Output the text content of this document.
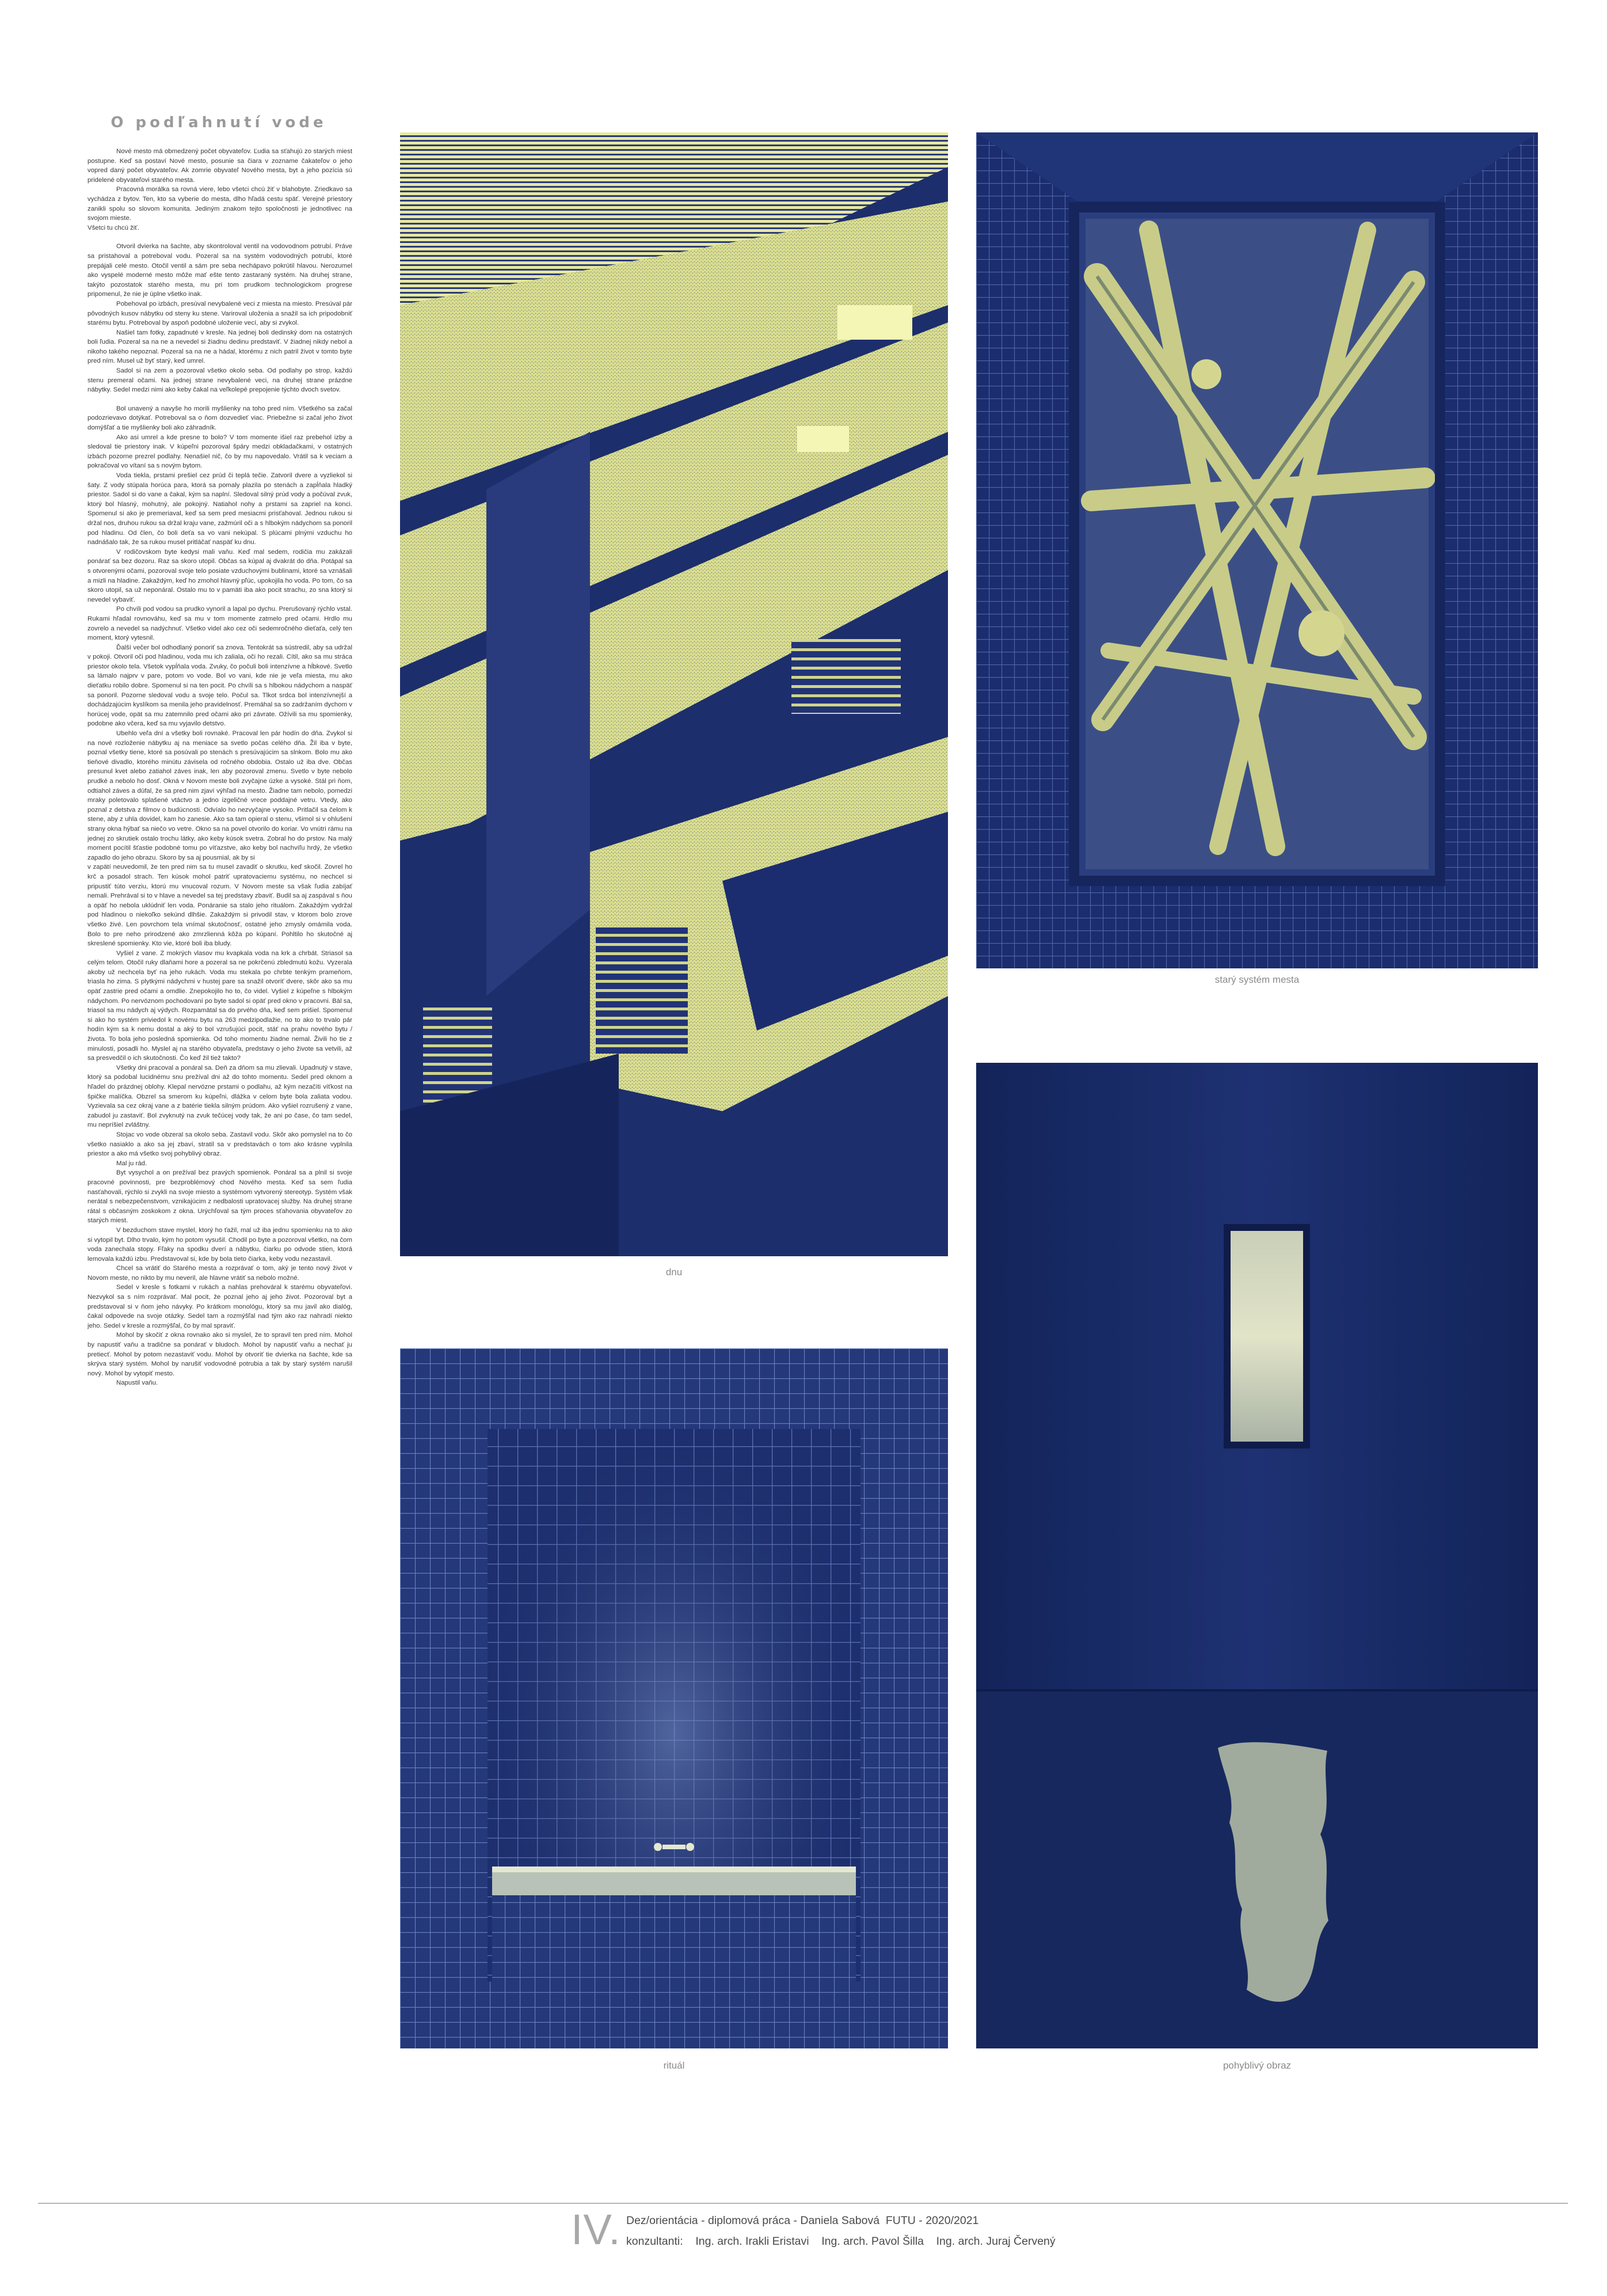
O podľahnutí vode

Nové mesto má obmedzený počet obyvateľov. Ľudia sa sťahujú zo starých miest postupne. Keď sa postaví Nové mesto, posunie sa čiara v zozname čakateľov o jeho vopred daný počet obyvateľov. Ak zomrie obyvateľ Nového mesta, byt a jeho pozícia sú pridelené obyvateľovi starého mesta.

Pracovná morálka sa rovná viere, lebo všetci chcú žiť v blahobyte. Zriedkavo sa vychádza z bytov. Ten, kto sa vyberie do mesta, dlho hľadá cestu späť. Verejné priestory zanikli spolu so slovom komunita. Jediným znakom tejto spoločnosti je jednotlivec na svojom mieste.

Všetci tu chcú žiť.

Otvoril dvierka na šachte, aby skontroloval ventil na vodovodnom potrubí. Práve sa pristahoval a potreboval vodu. Pozeral sa na systém vodovodných potrubí, ktoré prepájali celé mesto. Otočil ventil a sám pre seba nechápavo pokrútil hlavou. Nerozumel ako vyspelé moderné mesto môže mať ešte tento zastaraný systém. Na druhej strane, takýto pozostatok starého mesta, mu pri tom prudkom technologickom progrese pripomenul, že nie je úplne všetko inak.

Pobehoval po izbách, presúval nevybalené veci z miesta na miesto. Presúval pár pôvodných kusov nábytku od steny ku stene. Variroval uloženia a snažil sa ich pripodobniť starému bytu. Potreboval by aspoň podobné uloženie vecí, aby si zvykol.

Našiel tam fotky, zapadnuté v kresle. Na jednej boli dedinský dom na ostatných boli ľudia. Pozeral sa na ne a nevedel si žiadnu dedinu predstaviť. V žiadnej nikdy nebol a nikoho takého nepoznal. Pozeral sa na ne a hádal, ktorému z nich patril život v tomto byte pred ním. Musel už byť starý, keď umrel.

Sadol si na zem a pozoroval všetko okolo seba. Od podlahy po strop, každú stenu premeral očami. Na jednej strane nevybalené veci, na druhej strane prázdne nábytky. Sedel medzi nimi ako keby čakal na veľkolepé prepojenie týchto dvoch svetov.

Bol unavený a navyše ho morili myšlienky na toho pred ním. Všetkého sa začal podozrievavo dotýkať. Potreboval sa o ňom dozvedieť viac. Priebežne si začal jeho život domýšľať a tie myšlienky boli ako záhradník.

Ako asi umrel a kde presne to bolo? V tom momente išiel raz prebehol izby a sledoval tie priestory inak. V kúpeľni pozoroval špáry medzi obkladačkami, v ostatných izbách pozorne prezrel podlahy. Nenašiel nič, čo by mu napovedalo. Vrátil sa k veciam a pokračoval vo vítaní sa s novým bytom.

Voda tiekla, prstami prešiel cez prúd či teplá tečie. Zatvoril dvere a vyzliekol si šaty. Z vody stúpala horúca para, ktorá sa pomaly plazila po stenách a zapĺňala hladký priestor. Sadol si do vane a čakal, kým sa naplní. Sledoval silný prúd vody a počúval zvuk, ktorý bol hlasný, mohutný, ale pokojný. Natiahol nohy a prstami sa zapriel na konci. Spomenul si ako je premeriaval, keď sa sem pred mesiacmi prisťahoval. Jednou rukou si držal nos, druhou rukou sa držal kraju vane, zažmúril oči a s hlbokým nádychom sa ponoril pod hladinu. Od člen, čo boli deťa sa vo vani nekúpal. S plúcami plnými vzduchu ho nadnášalo tak, že sa rukou musel pritláčať naspäť ku dnu.

V rodičovskom byte kedysi mali vaňu. Keď mal sedem, rodičia mu zakázali ponárať sa bez dozoru. Raz sa skoro utopil. Občas sa kúpal aj dvakrát do dňa. Potápal sa s otvorenými očami, pozoroval svoje telo posiate vzduchovými bublinami, ktoré sa vznášali a mizli na hladine. Zakaždým, keď ho zmohol hlavný pľúc, upokojila ho voda. Po tom, čo sa skoro utopil, sa už neponáral. Ostalo mu to v pamäti iba ako pocit strachu, zo sna ktorý si nevedel vybaviť.

Po chvíli pod vodou sa prudko vynoril a lapal po dychu. Prerušovaný rýchlo vstal. Rukami hľadal rovnováhu, keď sa mu v tom momente zatmelo pred očami. Hrdlo mu zovrelo a nevedel sa nadýchnuť. Všetko videl ako cez oči sedemročného dieťaťa, celý ten moment, ktorý vytesnil.

Ďalší večer bol odhodlaný ponoriť sa znova. Tentokrát sa sústredil, aby sa udržal v pokoji. Otvoril oči pod hladinou, voda mu ich zaliala, oči ho rezali. Cítil, ako sa mu stráca priestor okolo tela. Všetok vypĺňala voda. Zvuky, čo počuli boli intenzívne a hĺbkové. Svetlo sa lámalo najprv v pare, potom vo vode. Bol vo vani, kde nie je veľa miesta, mu ako dieťatku robilo dobre. Spomenul si na ten pocit. Po chvíli sa s hlbokou nádychom a naspäť sa ponoril. Pozorne sledoval vodu a svoje telo. Počul sa. Tlkot srdca bol intenzívnejší a dochádzajúcim kyslíkom sa menila jeho pravidelnosť. Premáhal sa so zadržaním dychom v horúcej vode, opät sa mu zatemnilo pred očami ako pri závrate. Ožívili sa mu spomienky, podobne ako včera, keď sa mu vyjavilo detstvo.

Ubehlo veľa dní a všetky boli rovnaké. Pracoval len pár hodín do dňa. Zvykol si na nové rozloženie nábytku aj na meniace sa svetlo počas celého dňa. Žil iba v byte, poznal všetky tiene, ktoré sa posúvali po stenách s presúvajúcim sa slnkom. Bolo mu ako tieňové divadlo, ktorého minútu závisela od ročného obdobia. Ostalo už iba dve. Občas presunul kvet alebo zatiahol záves inak, len aby pozoroval zmenu. Svetlo v byte nebolo prudké a nebolo ho dosť. Okná v Novom meste boli zvyčajne úzke a vysoké. Stál pri ňom, odtiahol záves a dúfal, že sa pred nim zjaví výhľad na mesto. Žiadne tam nebolo, pomedzi mraky poletovalo splašené vtáctvo a jedno izgeličné vrece poddajné vetru. Vtedy, ako poznal z detstva z filmov o budúcnosti. Odvíalo ho nezvyčajne vysoko. Pritlačil sa čelom k stene, aby z uhla dovidel, kam ho zanesie. Ako sa tam opieral o stenu, všimol si v ohlušení strany okna hýbať sa niečo vo vetre. Okno sa na povel otvorilo do koriar. Vo vnútri rámu na jednej zo skrutiek ostalo trochu látky, ako keby kúsok svetra. Zobral ho do prstov. Na malý moment pocítil šťastie podobné tomu po víťazstve, ako keby bol nachvíľu hrdý, že všetko zapadlo do jeho obrazu. Skoro by sa aj pousmial, ak by si

v zapätí neuvedomil, že ten pred nim sa tu musel zavadiť o skrutku, keď skočil. Zovrel ho krč a posadol strach. Ten kúsok mohol patriť upratovaciemu systému, no nechcel si pripustiť túto verziu, ktorú mu vnucoval rozum. V Novom meste sa však ľudia zabíjať nemali. Prehrával si to v hlave a nevedel sa tej predstavy zbaviť. Budil sa aj zaspával s ňou a opäť ho nebola uklúdniť len voda. Ponáranie sa stalo jeho rituálom. Zakaždým vydržal pod hladinou o niekoľko sekúnd dlhšie. Zakaždým si privodil stav, v ktorom bolo zrove všetko živé. Len povrchom tela vnímal skutočnosť, ostatné jeho zmysly omámila voda. Bolo to pre neho prirodzené ako zmrzlienná kôža po kúpaní. Pohltilo ho skutočné aj skreslené spomienky. Kto vie, ktoré boli iba bludy.

Vyšiel z vane. Z mokrých vlasov mu kvapkala voda na krk a chrbát. Striasol sa celým telom. Otočil ruky dlaňami hore a pozeral sa ne pokrčenú zbledmutú kožu. Vyzerala akoby už nechcela byť na jeho rukách. Voda mu stekala po chrbte tenkým prameňom, triasla ho zima. S plytkými nádychmi v hustej pare sa snažil otvoriť dvere, skôr ako sa mu opäť zastrie pred očami a omdlie. Znepokojilo ho to, čo videl. Vyšiel z kúpeľne s hlbokým nádychom. Po nervóznom pochodovaní po byte sadol si opäť pred okno v pracovni. Bál sa, triasol sa mu nádych aj výdych. Rozpamätal sa do prvého dňa, keď sem prišiel. Spomenul si ako ho systém priviedol k novému bytu na 263 medzipodlažie, no to ako to trvalo pár hodín kým sa k nemu dostal a aký to bol vzrušujúci pocit, stáť na prahu nového bytu / života. To bola jeho posledná spomienka. Od toho momentu žiadne nemal. Živili ho tie z minulosti, posadli ho. Myslel aj na starého obyvateľa, predstavy o jeho živote sa vetvili, až sa presvedčil o ich skutočnosti. Čo keď žil tiež takto?

Všetky dni pracoval a ponáral sa. Deň za dňom sa mu zlievali. Upadnutý v stave, ktorý sa podobal lucidnému snu prežíval dni až do tohto momentu. Sedel pred oknom a hľadel do prázdnej oblohy. Klepal nervózne prstami o podlahu, až kým nezačíti víťkost na špičke malíčka. Obzrel sa smerom ku kúpeľni, dlážka v celom byte bola zaliata vodou. Vyzievala sa cez okraj vane a z batérie tiekla silným prúdom. Ako vyšiel rozrušený z vane, zabudol ju zastaviť. Bol zvyknutý na zvuk tečúcej vody tak, že ani po čase, čo tam sedel, mu nepríšiel zvláštny.

Stojac vo vode obzeral sa okolo seba. Zastavil vodu. Skôr ako pomyslel na to čo všetko nasiaklo a ako sa jej zbaví, stratil sa v predstavách o tom ako krásne vyplnila priestor a ako má všetko svoj pohyblivý obraz.

Mal ju rád.

Byt vysychol a on prežíval bez pravých spomienok. Ponáral sa a plnil si svoje pracovné povinnosti, pre bezproblémový chod Nového mesta. Keď sa sem ľudia nasťahovali, rýchlo si zvykli na svoje miesto a systémom vytvorený stereotyp. Systém však nerátal s nebezpečenstvom, vznikajúcim z nedbalosti upratovacej služby. Na druhej strane rátal s občasným zoskokom z okna. Urýchľoval sa tým proces sťahovania obyvateľov zo starých miest.

V bezduchom stave myslel, ktorý ho ťažil, mal už iba jednu spomienku na to ako si vytopil byt. Dlho trvalo, kým ho potom vysušil. Chodil po byte a pozoroval všetko, na čom voda zanechala stopy. Fľaky na spodku dverí a nábytku, čiarku po odvode stien, ktorá lemovala každú izbu. Predstavoval si, kde by bola tieto čiarka, keby vodu nezastavil.

Chcel sa vrátiť do Starého mesta a rozprávať o tom, aký je tento nový život v Novom meste, no nikto by mu neveril, ale hlavne vrátiť sa nebolo možné.

Sedel v kresle s fotkami v rukách a nahlas prehováral k starému obyvateľovi. Nezvykol sa s ním rozprávať. Mal pocit, že poznal jeho aj jeho život. Pozoroval byt a predstavoval si v ňom jeho návyky. Po krátkom monológu, ktorý sa mu javil ako dialóg, čakal odpovede na svoje otázky. Sedel tam a rozmýšľal nad tým ako raz nahradí niekto jeho. Sedel v kresle a rozmýšľal, čo by mal spraviť.

Mohol by skočiť z okna rovnako ako si myslel, že to spravil ten pred ním. Mohol by napustiť vaňu a tradične sa ponárať v bludoch. Mohol by napustiť vaňu a nechať ju pretiecť. Mohol by potom nezastaviť vodu. Mohol by otvoriť tie dvierka na šachte, kde sa skrýva starý systém. Mohol by narušiť vodovodné potrubia a tak by starý systém narušil nový. Mohol by vytopiť mesto.

Napustil vaňu.

dnu
starý systém mesta
rituál	pohyblivý obraz
IV. Dez/orientácia - diplomová práca - Daniela Sabová  FUTU - 2020/2021
konzultanti:    Ing. arch. Irakli Eristavi    Ing. arch. Pavol Šilla    Ing. arch. Juraj Červený
